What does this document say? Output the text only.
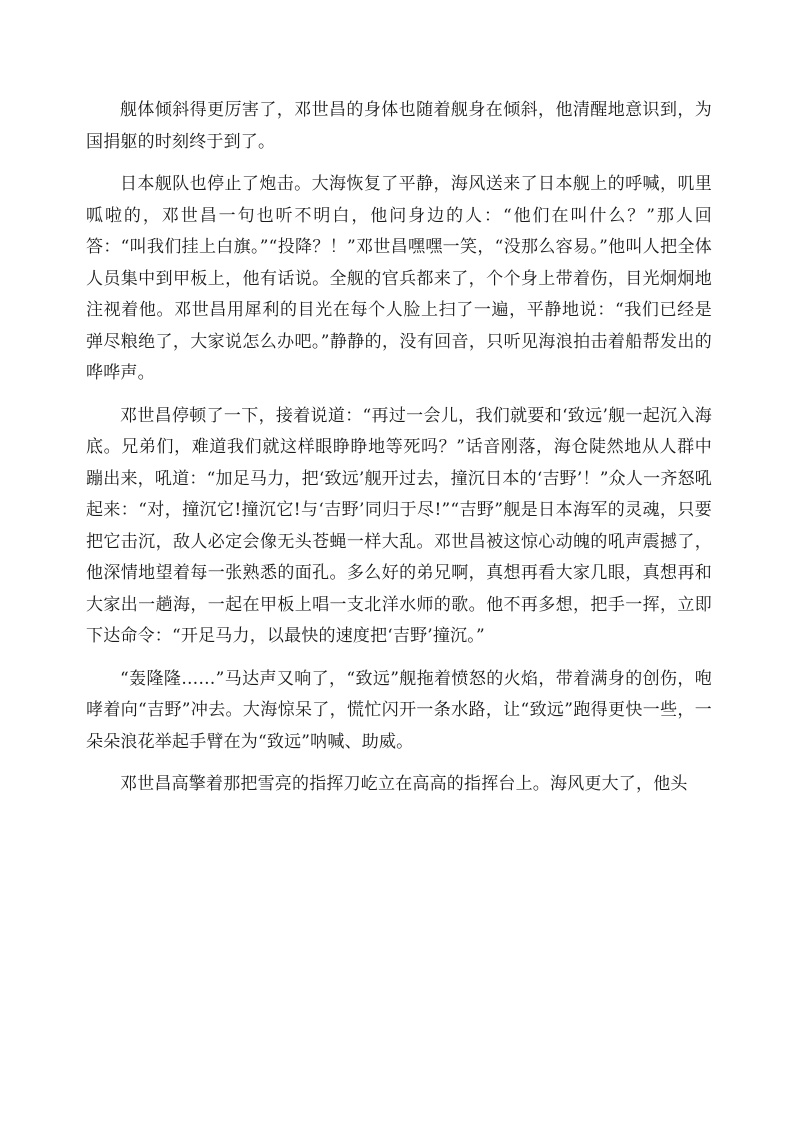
舰体倾斜得更厉害了，邓世昌的身体也随着舰身在倾斜，他清醒地意识到，为国捐躯的时刻终于到了。

日本舰队也停止了炮击。大海恢复了平静，海风送来了日本舰上的呼喊，叽里呱啦的，邓世昌一句也听不明白，他问身边的人：“他们在叫什么？”那人回答：“叫我们挂上白旗。”“投降？！”邓世昌嘿嘿一笑，“没那么容易。”他叫人把全体人员集中到甲板上，他有话说。全舰的官兵都来了，个个身上带着伤，目光炯炯地注视着他。邓世昌用犀利的目光在每个人脸上扫了一遍，平静地说：“我们已经是弹尽粮绝了，大家说怎么办吧。”静静的，没有回音，只听见海浪拍击着船帮发出的哗哗声。

邓世昌停顿了一下，接着说道：“再过一会儿，我们就要和‘致远’舰一起沉入海底。兄弟们，难道我们就这样眼睁睁地等死吗？”话音刚落，海仓陡然地从人群中蹦出来，吼道：“加足马力，把‘致远’舰开过去，撞沉日本的‘吉野’！”众人一齐怒吼起来：“对，撞沉它!撞沉它!与‘吉野’同归于尽!”“吉野”舰是日本海军的灵魂，只要把它击沉，敌人必定会像无头苍蝇一样大乱。邓世昌被这惊心动魄的吼声震撼了，他深情地望着每一张熟悉的面孔。多么好的弟兄啊，真想再看大家几眼，真想再和大家出一趟海，一起在甲板上唱一支北洋水师的歌。他不再多想，把手一挥，立即下达命令：“开足马力，以最快的速度把‘吉野’撞沉。”

“轰隆隆……”马达声又响了，“致远”舰拖着愤怒的火焰，带着满身的创伤，咆哮着向“吉野”冲去。大海惊呆了，慌忙闪开一条水路，让“致远”跑得更快一些，一朵朵浪花举起手臂在为“致远”呐喊、助威。

邓世昌高擎着那把雪亮的指挥刀屹立在高高的指挥台上。海风更大了，他头
